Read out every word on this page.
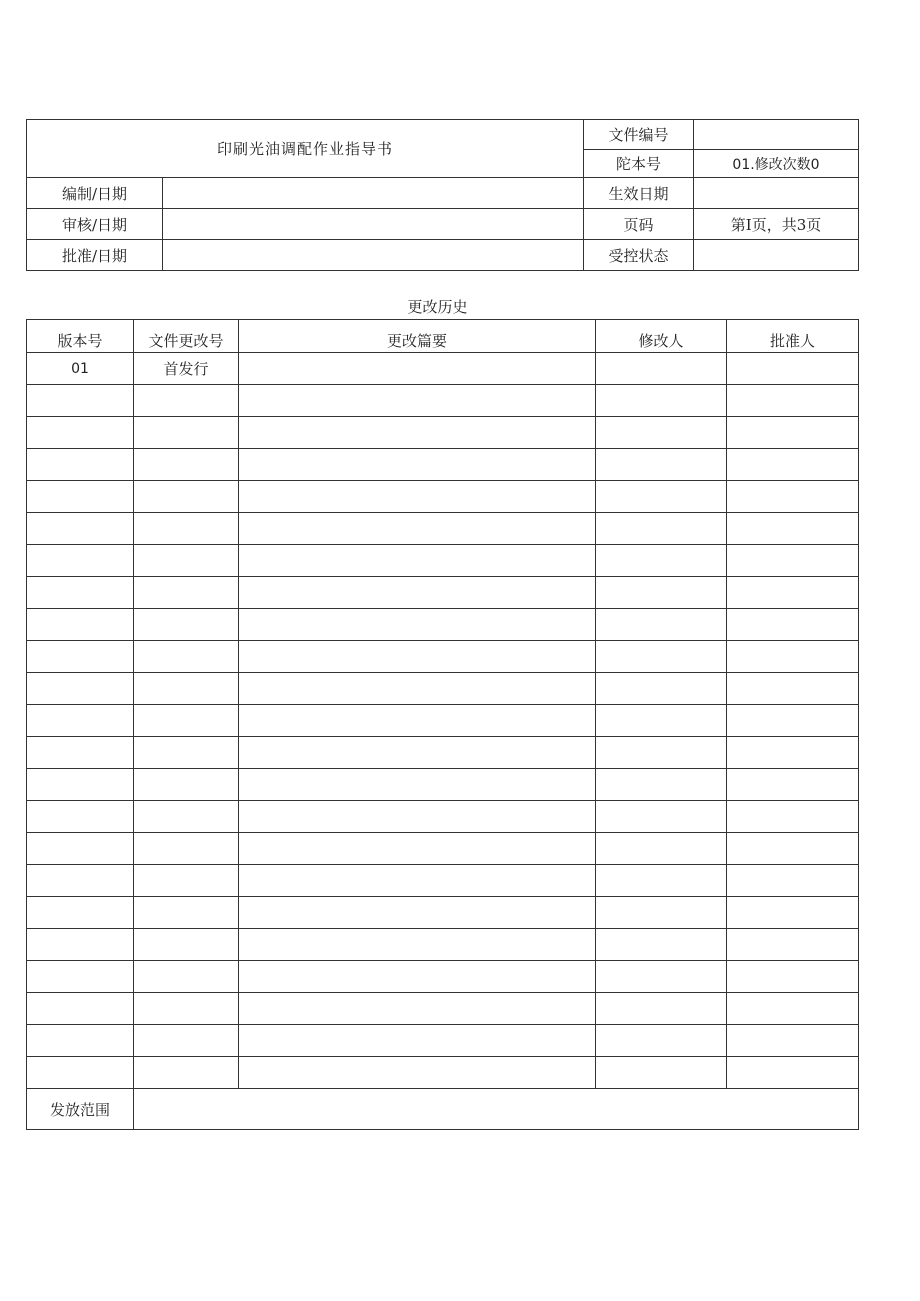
印刷光油调配作业指导书		文件编号	
		陀本号	01.修改次数0
编制/日期		生效日期	
审核/日期		页码	第I页，共3页
批准/日期		受控状态	
更改历史
版本号	文件更改号	更改篇要	修改人	批准人
01	首发行			

发放范围				
